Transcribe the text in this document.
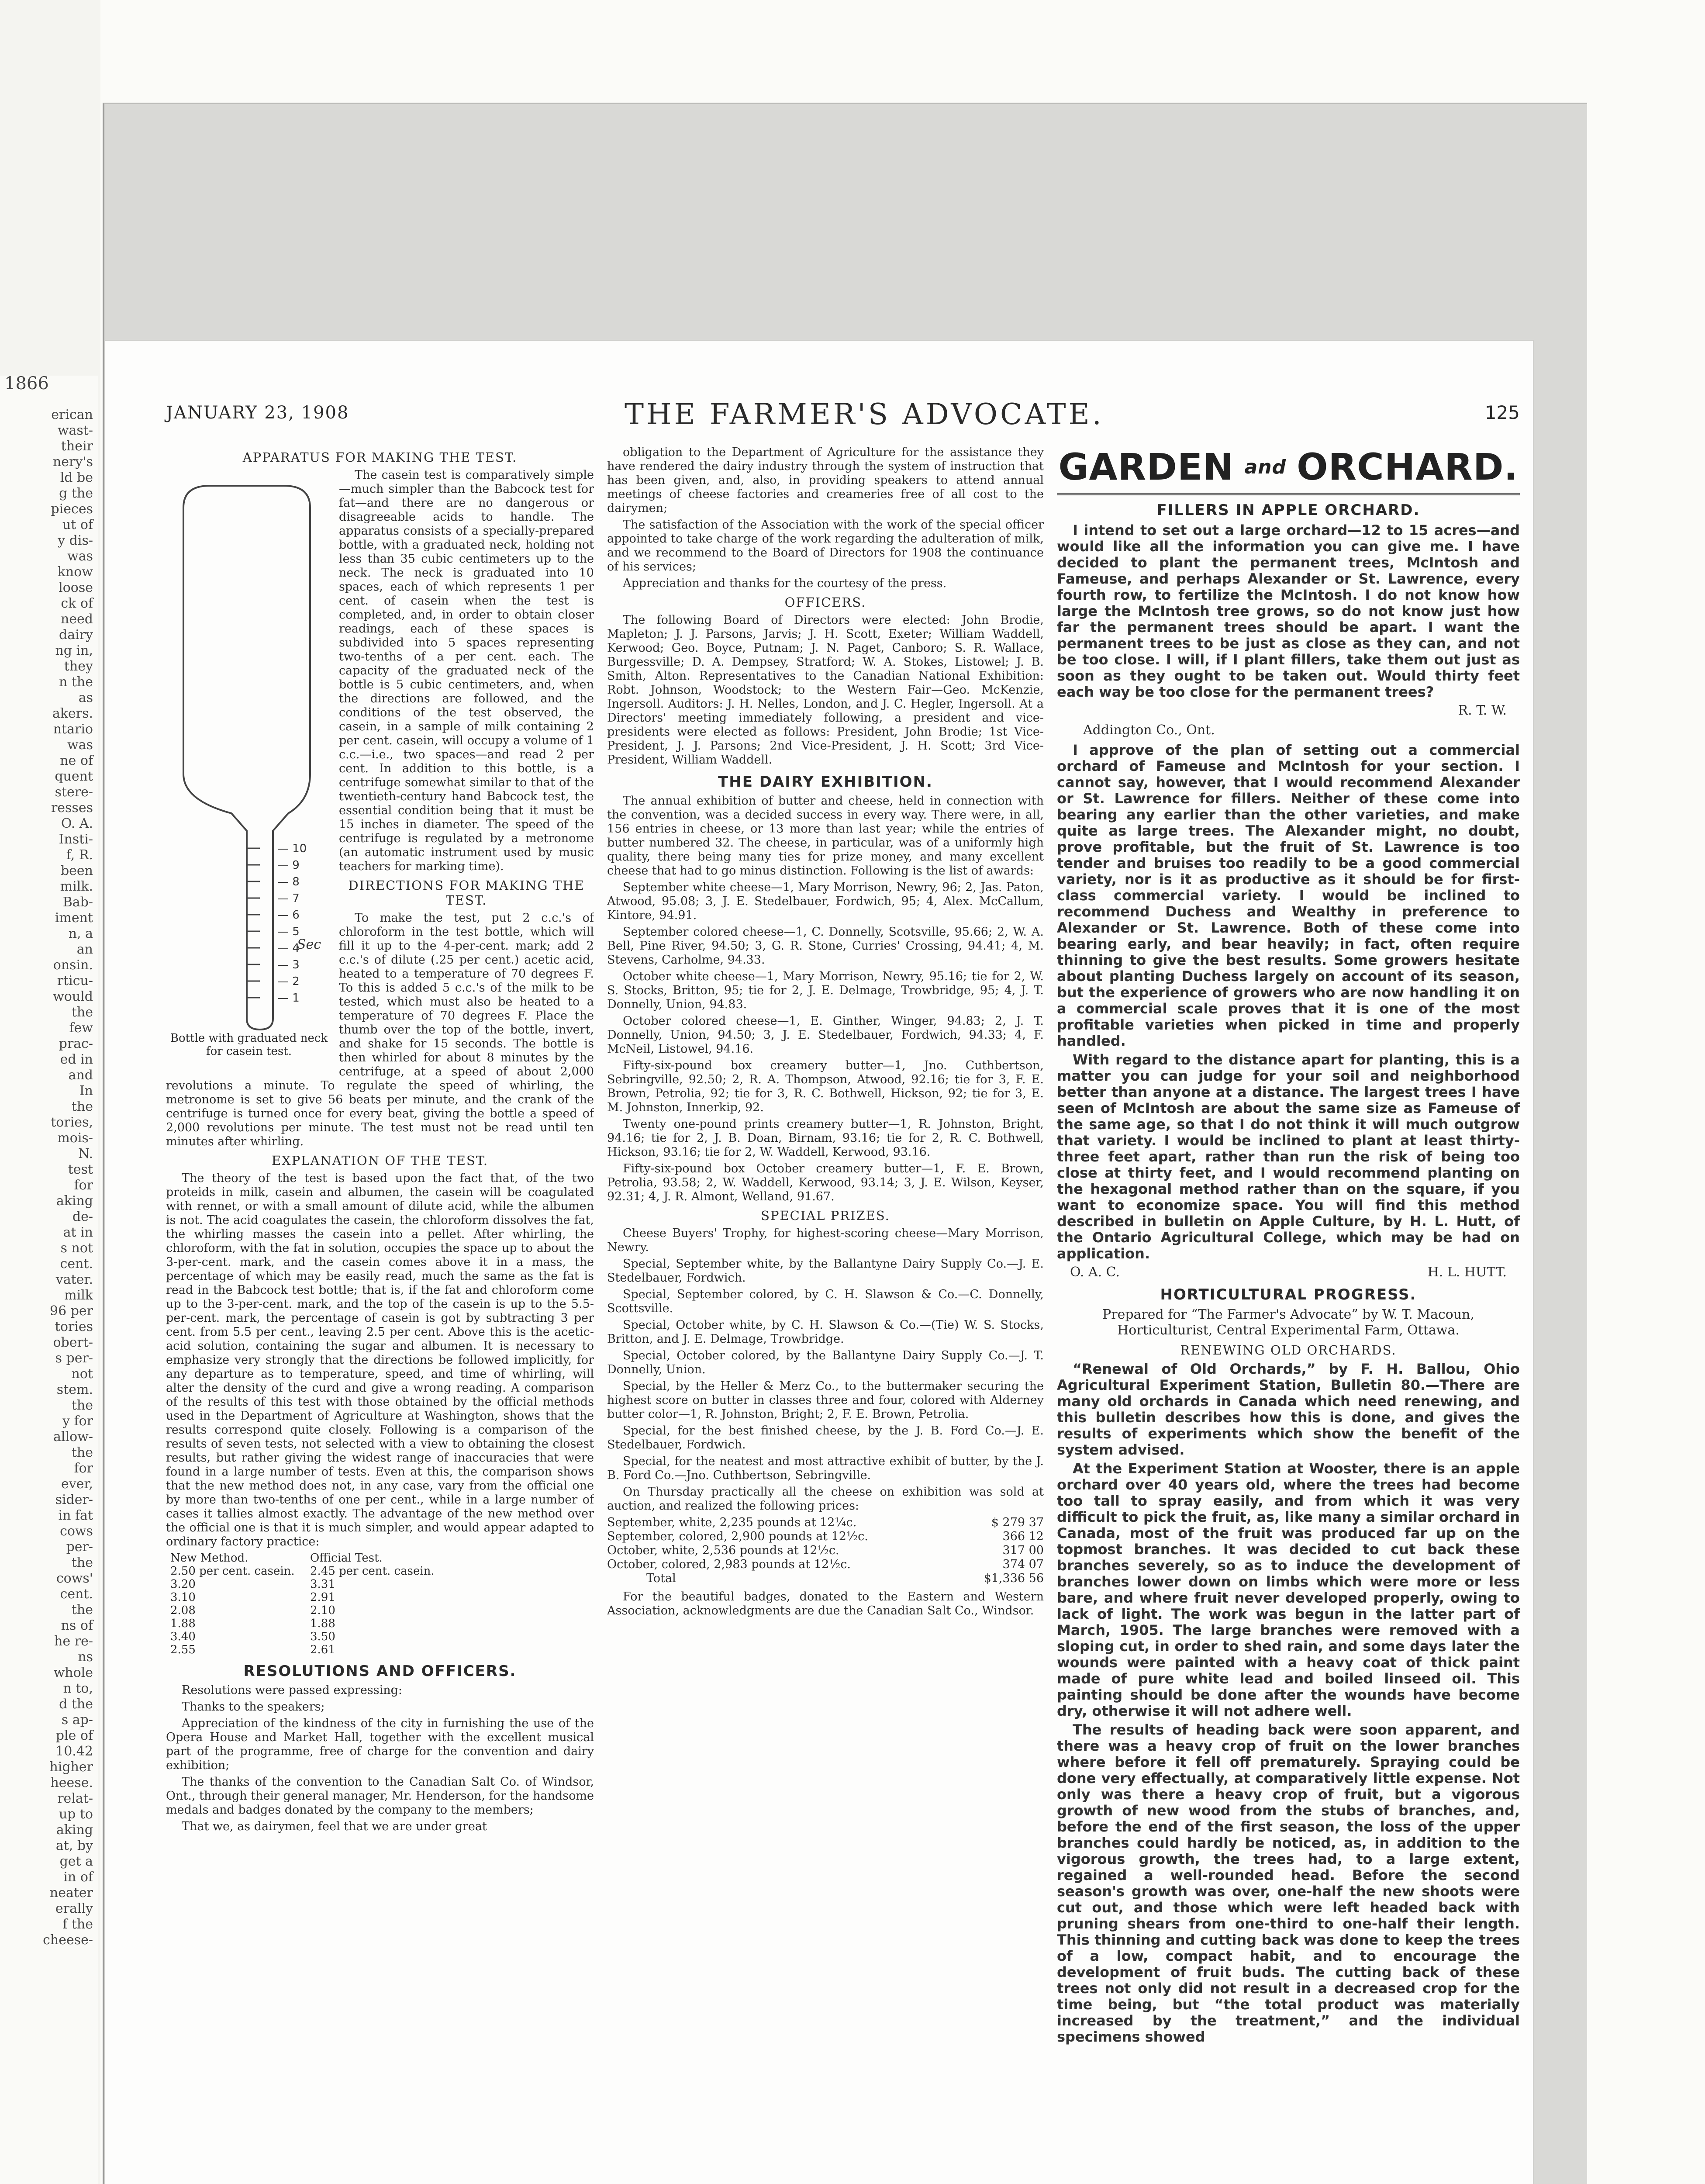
1866
erican
wast-
their
nery's
ld be
g the
pieces
ut of
y dis-
was
know
loose
ck of
need
dairy
ng in,
they
n the
as
akers.
ntario
was
ne of
quent
stere-
resses
O. A.
Insti-
f, R.
been
milk.
Bab-
iment
n, a
an
onsin.
rticu-
would
the
few
prac-
ed in
and
In
the
tories,
mois-
N.
test
for
aking
de-
at in
s not
cent.
vater.
milk
96 per
tories
obert-
s per-
not
stem.
the
y for
allow-
the
for
ever,
sider-
in fat
cows
per-
the
cows'
cent.
the
ns of
he re-
ns
whole
n to,
d the
s ap-
ple of
10.42
higher
heese.
relat-
up to
aking
at, by
get a
in of
neater
erally
f the
cheese-
JANUARY 23, 1908	THE FARMER'S ADVOCATE.	125
APPARATUS FOR MAKING THE TEST.
— 10
— 9
— 8
— 7
— 6
— 5
— 4
— 3
— 2
— 1
Sec
Bottle with graduated neck for casein test.

The casein test is comparatively simple—much simpler than the Babcock test for fat—and there are no dangerous or disagreeable acids to handle. The apparatus consists of a specially-prepared bottle, with a graduated neck, holding not less than 35 cubic centimeters up to the neck. The neck is graduated into 10 spaces, each of which represents 1 per cent. of casein when the test is completed, and, in order to obtain closer readings, each of these spaces is subdivided into 5 spaces representing two-tenths of a per cent. each. The capacity of the graduated neck of the bottle is 5 cubic centimeters, and, when the directions are followed, and the conditions of the test observed, the casein, in a sample of milk containing 2 per cent. casein, will occupy a volume of 1 c.c.—i.e., two spaces—and read 2 per cent. In addition to this bottle, is a centrifuge somewhat similar to that of the twentieth-century hand Babcock test, the essential condition being that it must be 15 inches in diameter. The speed of the centrifuge is regulated by a metronome (an automatic instrument used by music teachers for marking time).

DIRECTIONS FOR MAKING THE TEST.

To make the test, put 2 c.c.'s of chloroform in the test bottle, which will fill it up to the 4-per-cent. mark; add 2 c.c.'s of dilute (.25 per cent.) acetic acid, heated to a temperature of 70 degrees F. To this is added 5 c.c.'s of the milk to be tested, which must also be heated to a temperature of 70 degrees F. Place the thumb over the top of the bottle, invert, and shake for 15 seconds. The bottle is then whirled for about 8 minutes by the centrifuge, at a speed of about 2,000 revolutions a minute. To regulate the speed of whirling, the metronome is set to give 56 beats per minute, and the crank of the centrifuge is turned once for every beat, giving the bottle a speed of 2,000 revolutions per minute. The test must not be read until ten minutes after whirling.

EXPLANATION OF THE TEST.

The theory of the test is based upon the fact that, of the two proteids in milk, casein and albumen, the casein will be coagulated with rennet, or with a small amount of dilute acid, while the albumen is not. The acid coagulates the casein, the chloroform dissolves the fat, the whirling masses the casein into a pellet. After whirling, the chloroform, with the fat in solution, occupies the space up to about the 3-per-cent. mark, and the casein comes above it in a mass, the percentage of which may be easily read, much the same as the fat is read in the Babcock test bottle; that is, if the fat and chloroform come up to the 3-per-cent. mark, and the top of the casein is up to the 5.5-per-cent. mark, the percentage of casein is got by subtracting 3 per cent. from 5.5 per cent., leaving 2.5 per cent. Above this is the acetic-acid solution, containing the sugar and albumen. It is necessary to emphasize very strongly that the directions be followed implicitly, for any departure as to temperature, speed, and time of whirling, will alter the density of the curd and give a wrong reading. A comparison of the results of this test with those obtained by the official methods used in the Department of Agriculture at Washington, shows that the results correspond quite closely. Following is a comparison of the results of seven tests, not selected with a view to obtaining the closest results, but rather giving the widest range of inaccuracies that were found in a large number of tests. Even at this, the comparison shows that the new method does not, in any case, vary from the official one by more than two-tenths of one per cent., while in a large number of cases it tallies almost exactly. The advantage of the new method over the official one is that it is much simpler, and would appear adapted to ordinary factory practice:

New Method.	Official Test.
2.50 per cent. casein.	2.45 per cent. casein.
3.20	3.31
3.10	2.91
2.08	2.10
1.88	1.88
3.40	3.50
2.55	2.61
RESOLUTIONS AND OFFICERS.

Resolutions were passed expressing:

Thanks to the speakers;

Appreciation of the kindness of the city in furnishing the use of the Opera House and Market Hall, together with the excellent musical part of the programme, free of charge for the convention and dairy exhibition;

The thanks of the convention to the Canadian Salt Co. of Windsor, Ont., through their general manager, Mr. Henderson, for the handsome medals and badges donated by the company to the members;

That we, as dairymen, feel that we are under great

obligation to the Department of Agriculture for the assistance they have rendered the dairy industry through the system of instruction that has been given, and, also, in providing speakers to attend annual meetings of cheese factories and creameries free of all cost to the dairymen;

The satisfaction of the Association with the work of the special officer appointed to take charge of the work regarding the adulteration of milk, and we recommend to the Board of Directors for 1908 the continuance of his services;

Appreciation and thanks for the courtesy of the press.

OFFICERS.

The following Board of Directors were elected: John Brodie, Mapleton; J. J. Parsons, Jarvis; J. H. Scott, Exeter; William Waddell, Kerwood; Geo. Boyce, Putnam; J. N. Paget, Canboro; S. R. Wallace, Burgessville; D. A. Dempsey, Stratford; W. A. Stokes, Listowel; J. B. Smith, Alton. Representatives to the Canadian National Exhibition: Robt. Johnson, Woodstock; to the Western Fair—Geo. McKenzie, Ingersoll. Auditors: J. H. Nelles, London, and J. C. Hegler, Ingersoll. At a Directors' meeting immediately following, a president and vice-presidents were elected as follows: President, John Brodie; 1st Vice-President, J. J. Parsons; 2nd Vice-President, J. H. Scott; 3rd Vice-President, William Waddell.

THE DAIRY EXHIBITION.

The annual exhibition of butter and cheese, held in connection with the convention, was a decided success in every way. There were, in all, 156 entries in cheese, or 13 more than last year; while the entries of butter numbered 32. The cheese, in particular, was of a uniformly high quality, there being many ties for prize money, and many excellent cheese that had to go minus distinction. Following is the list of awards:

September white cheese—1, Mary Morrison, Newry, 96; 2, Jas. Paton, Atwood, 95.08; 3, J. E. Stedelbauer, Fordwich, 95; 4, Alex. McCallum, Kintore, 94.91.

September colored cheese—1, C. Donnelly, Scotsville, 95.66; 2, W. A. Bell, Pine River, 94.50; 3, G. R. Stone, Curries' Crossing, 94.41; 4, M. Stevens, Carholme, 94.33.

October white cheese—1, Mary Morrison, Newry, 95.16; tie for 2, W. S. Stocks, Britton, 95; tie for 2, J. E. Delmage, Trowbridge, 95; 4, J. T. Donnelly, Union, 94.83.

October colored cheese—1, E. Ginther, Winger, 94.83; 2, J. T. Donnelly, Union, 94.50; 3, J. E. Stedelbauer, Fordwich, 94.33; 4, F. McNeil, Listowel, 94.16.

Fifty-six-pound box creamery butter—1, Jno. Cuthbertson, Sebringville, 92.50; 2, R. A. Thompson, Atwood, 92.16; tie for 3, F. E. Brown, Petrolia, 92; tie for 3, R. C. Bothwell, Hickson, 92; tie for 3, E. M. Johnston, Innerkip, 92.

Twenty one-pound prints creamery butter—1, R. Johnston, Bright, 94.16; tie for 2, J. B. Doan, Birnam, 93.16; tie for 2, R. C. Bothwell, Hickson, 93.16; tie for 2, W. Waddell, Kerwood, 93.16.

Fifty-six-pound box October creamery butter—1, F. E. Brown, Petrolia, 93.58; 2, W. Waddell, Kerwood, 93.14; 3, J. E. Wilson, Keyser, 92.31; 4, J. R. Almont, Welland, 91.67.

SPECIAL PRIZES.

Cheese Buyers' Trophy, for highest-scoring cheese—Mary Morrison, Newry.

Special, September white, by the Ballantyne Dairy Supply Co.—J. E. Stedelbauer, Fordwich.

Special, September colored, by C. H. Slawson & Co.—C. Donnelly, Scottsville.

Special, October white, by C. H. Slawson & Co.—(Tie) W. S. Stocks, Britton, and J. E. Delmage, Trowbridge.

Special, October colored, by the Ballantyne Dairy Supply Co.—J. T. Donnelly, Union.

Special, by the Heller & Merz Co., to the buttermaker securing the highest score on butter in classes three and four, colored with Alderney butter color—1, R. Johnston, Bright; 2, F. E. Brown, Petrolia.

Special, for the best finished cheese, by the J. B. Ford Co.—J. E. Stedelbauer, Fordwich.

Special, for the neatest and most attractive exhibit of butter, by the J. B. Ford Co.—Jno. Cuthbertson, Sebringville.

On Thursday practically all the cheese on exhibition was sold at auction, and realized the following prices:

September, white, 2,235 pounds at 12¼c.	$ 279 37
September, colored, 2,900 pounds at 12½c.	366 12
October, white, 2,536 pounds at 12½c.	317 00
October, colored, 2,983 pounds at 12½c.	374 07
Total	$1,336 56

For the beautiful badges, donated to the Eastern and Western Association, acknowledgments are due the Canadian Salt Co., Windsor.

GARDEN and ORCHARD.
FILLERS IN APPLE ORCHARD.

I intend to set out a large orchard—12 to 15 acres—and would like all the information you can give me. I have decided to plant the permanent trees, McIntosh and Fameuse, and perhaps Alexander or St. Lawrence, every fourth row, to fertilize the McIntosh. I do not know how large the McIntosh tree grows, so do not know just how far the permanent trees should be apart. I want the permanent trees to be just as close as they can, and not be too close. I will, if I plant fillers, take them out just as soon as they ought to be taken out. Would thirty feet each way be too close for the permanent trees?

R. T. W.
Addington Co., Ont.

I approve of the plan of setting out a commercial orchard of Fameuse and McIntosh for your section. I cannot say, however, that I would recommend Alexander or St. Lawrence for fillers. Neither of these come into bearing any earlier than the other varieties, and make quite as large trees. The Alexander might, no doubt, prove profitable, but the fruit of St. Lawrence is too tender and bruises too readily to be a good commercial variety, nor is it as productive as it should be for first-class commercial variety. I would be inclined to recommend Duchess and Wealthy in preference to Alexander or St. Lawrence. Both of these come into bearing early, and bear heavily; in fact, often require thinning to give the best results. Some growers hesitate about planting Duchess largely on account of its season, but the experience of growers who are now handling it on a commercial scale proves that it is one of the most profitable varieties when picked in time and properly handled.

With regard to the distance apart for planting, this is a matter you can judge for your soil and neighborhood better than anyone at a distance. The largest trees I have seen of McIntosh are about the same size as Fameuse of the same age, so that I do not think it will much outgrow that variety. I would be inclined to plant at least thirty-three feet apart, rather than run the risk of being too close at thirty feet, and I would recommend planting on the hexagonal method rather than on the square, if you want to economize space. You will find this method described in bulletin on Apple Culture, by H. L. Hutt, of the Ontario Agricultural College, which may be had on application.

O. A. C.	H. L. HUTT.
HORTICULTURAL PROGRESS.
Prepared for “The Farmer's Advocate” by W. T. Macoun, Horticulturist, Central Experimental Farm, Ottawa.
RENEWING OLD ORCHARDS.

“Renewal of Old Orchards,” by F. H. Ballou, Ohio Agricultural Experiment Station, Bulletin 80.—There are many old orchards in Canada which need renewing, and this bulletin describes how this is done, and gives the results of experiments which show the benefit of the system advised.

At the Experiment Station at Wooster, there is an apple orchard over 40 years old, where the trees had become too tall to spray easily, and from which it was very difficult to pick the fruit, as, like many a similar orchard in Canada, most of the fruit was produced far up on the topmost branches. It was decided to cut back these branches severely, so as to induce the development of branches lower down on limbs which were more or less bare, and where fruit never developed properly, owing to lack of light. The work was begun in the latter part of March, 1905. The large branches were removed with a sloping cut, in order to shed rain, and some days later the wounds were painted with a heavy coat of thick paint made of pure white lead and boiled linseed oil. This painting should be done after the wounds have become dry, otherwise it will not adhere well.

The results of heading back were soon apparent, and there was a heavy crop of fruit on the lower branches where before it fell off prematurely. Spraying could be done very effectually, at comparatively little expense. Not only was there a heavy crop of fruit, but a vigorous growth of new wood from the stubs of branches, and, before the end of the first season, the loss of the upper branches could hardly be noticed, as, in addition to the vigorous growth, the trees had, to a large extent, regained a well-rounded head. Before the second season's growth was over, one-half the new shoots were cut out, and those which were left headed back with pruning shears from one-third to one-half their length. This thinning and cutting back was done to keep the trees of a low, compact habit, and to encourage the development of fruit buds. The cutting back of these trees not only did not result in a decreased crop for the time being, but “the total product was materially increased by the treatment,” and the individual specimens showed
